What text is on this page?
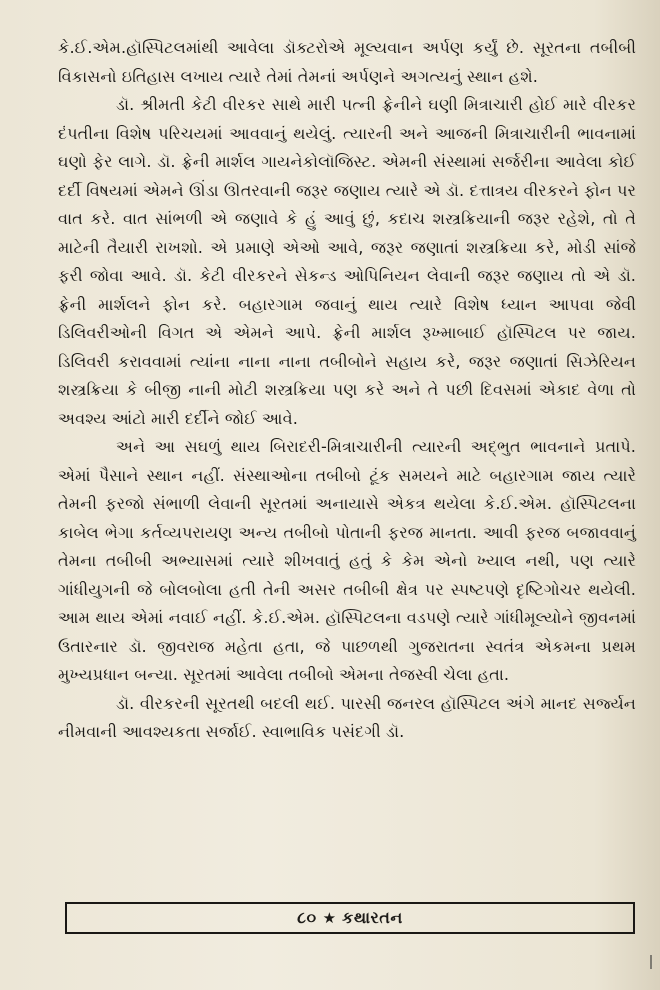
કે.ઈ.એમ.હૉસ્પિટલમાંથી આવેલા ડૉક્ટરોએ મૂલ્યવાન અર્પણ કર્યું છે. સૂરતના તબીબી વિકાસનો ઇતિહાસ લખાય ત્યારે તેમાં તેમનાં અર્પણને અગત્યનું સ્થાન હશે.

ડૉ. શ્રીમતી કેટી વીરકર સાથે મારી પત્ની ફ્રેનીને ઘણી મિત્રાચારી હોઈ મારે વીરકર દંપતીના વિશેષ પરિચયમાં આવવાનું થયેલું. ત્યારની અને આજની મિત્રાચારીની ભાવનામાં ઘણો ફેર લાગે. ડૉ. ફ્રેની માર્શલ ગાયનેકોલૉજિસ્ટ. એમની સંસ્થામાં સર્જરીના આવેલા કોઈ દર્દી વિષયમાં એમને ઊંડા ઊતરવાની જરૂર જણાય ત્યારે એ ડૉ. દત્તાત્રય વીરકરને ફોન પર વાત કરે. વાત સાંભળી એ જણાવે કે હું આવું છું, કદાચ શસ્ત્રક્રિયાની જરૂર રહેશે, તો તે માટેની તૈયારી રાખશો. એ પ્રમાણે એઓ આવે, જરૂર જણાતાં શસ્ત્રક્રિયા કરે, મોડી સાંજે ફરી જોવા આવે. ડૉ. કેટી વીરકરને સેકન્ડ ઓપિનિયન લેવાની જરૂર જણાય તો એ ડૉ. ફ્રેની માર્શલને ફોન કરે. બહારગામ જવાનું થાય ત્યારે વિશેષ ધ્યાન આપવા જેવી ડિલિવરીઓની વિગત એ એમને આપે. ફ્રેની માર્શલ રૂખ્માબાઈ હૉસ્પિટલ પર જાય. ડિલિવરી કરાવવામાં ત્યાંના નાના નાના તબીબોને સહાય કરે, જરૂર જણાતાં સિઝેરિયન શસ્ત્રક્રિયા કે બીજી નાની મોટી શસ્ત્રક્રિયા પણ કરે અને તે પછી દિવસમાં એકાદ વેળા તો અવશ્ય આંટો મારી દર્દીને જોઈ આવે.

અને આ સઘળું થાય બિરાદરી-મિત્રાચારીની ત્યારની અદ્ભુત ભાવનાને પ્રતાપે. એમાં પૈસાને સ્થાન નહીં. સંસ્થાઓના તબીબો ટૂંક સમયને માટે બહારગામ જાય ત્યારે તેમની ફરજો સંભાળી લેવાની સૂરતમાં અનાયાસે એકત્ર થયેલા કે.ઈ.એમ. હૉસ્પિટલના કાબેલ ભેગા કર્તવ્યપરાયણ અન્ય તબીબો પોતાની ફરજ માનતા. આવી ફરજ બજાવવાનું તેમના તબીબી અભ્યાસમાં ત્યારે શીખવાતું હતું કે કેમ એનો ખ્યાલ નથી, પણ ત્યારે ગાંધીયુગની જે બોલબોલા હતી તેની અસર તબીબી ક્ષેત્ર પર સ્પષ્ટપણે દૃષ્ટિગોચર થયેલી. આમ થાય એમાં નવાઈ નહીં. કે.ઈ.એમ. હૉસ્પિટલના વડપણે ત્યારે ગાંધીમૂલ્યોને જીવનમાં ઉતારનાર ડૉ. જીવરાજ મહેતા હતા, જે પાછળથી ગુજરાતના સ્વતંત્ર એકમના પ્રથમ મુખ્યપ્રધાન બન્યા. સૂરતમાં આવેલા તબીબો એમના તેજસ્વી ચેલા હતા.

ડૉ. વીરકરની સૂરતથી બદલી થઈ. પારસી જનરલ હૉસ્પિટલ અંગે માનદ સર્જ્યન નીમવાની આવશ્યકતા સર્જાઈ. સ્વાભાવિક પસંદગી ડૉ.

૮૦ ★ કથારતન
